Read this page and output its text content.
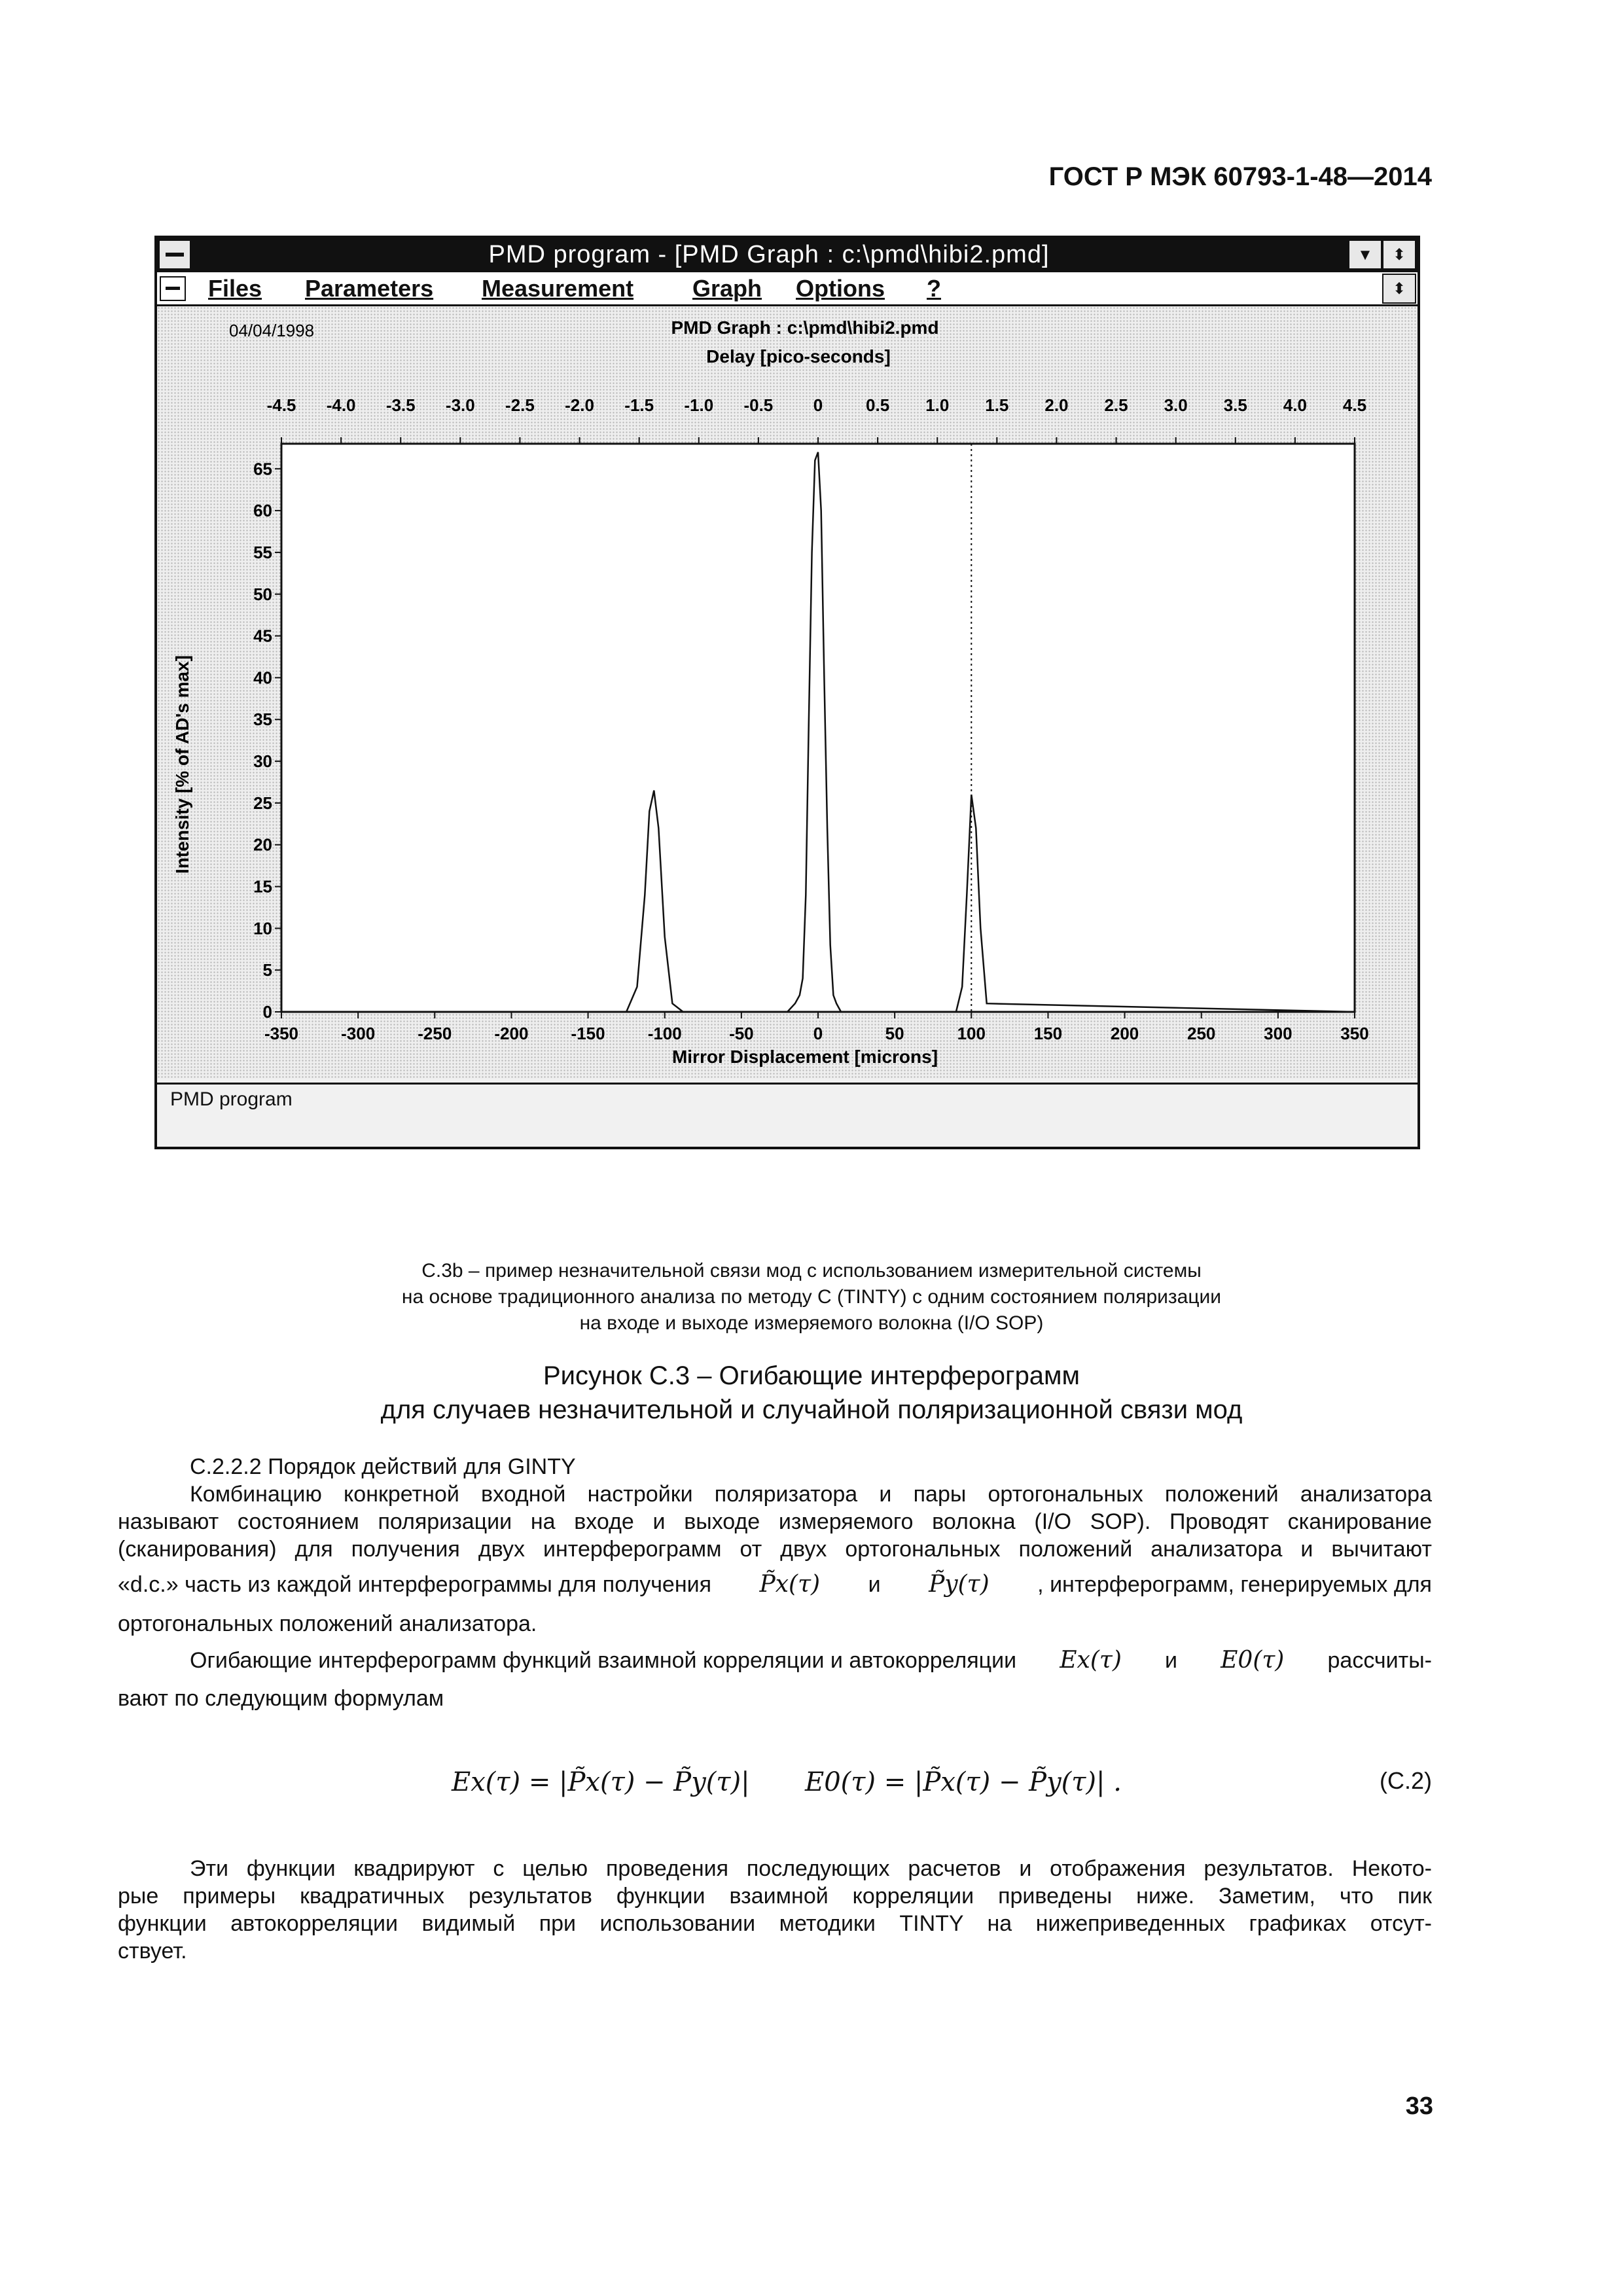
ГОСТ Р МЭК 60793-1-48—2014
PMD program - [PMD Graph : c:\pmd\hibi2.pmd]	▼	⬍
Files Parameters Measurement Graph Options ?	⬍
04/04/1998	PMD Graph : c:\pmd\hibi2.pmd
Delay [pico-seconds]
Mirror Displacement [microns]
Intensity [% of AD's max]
-4.5 -4.0 -3.5 -3.0 -2.5 -2.0 -1.5 -1.0 -0.5 0	0.5 1.0 1.5 2.0 2.5 3.0 3.5 4.0 4.5
-350	-300	-250	-200	-150	-100	-50	0	50	100	150	200	250	300	350
0
5
10
15
20
25
30
35
40
45
50
55
60
65
PMD program
С.3b – пример незначительной связи мод с использованием измерительной системы
на основе традиционного анализа по методу С (TINTY) с одним состоянием поляризации
на входе и выходе измеряемого волокна (I/O SOP)
Рисунок С.3 – Огибающие интерферограмм
для случаев незначительной и случайной поляризационной связи мод
С.2.2.2 Порядок действий для GINTY
Комбинацию конкретной входной настройки поляризатора и пары ортогональных положений анализатора
называют состоянием поляризации на входе и выходе измеряемого волокна (I/O SOP). Проводят сканирование
(сканирования) для получения двух интерферограмм от двух ортогональных положений анализатора и вычитают
«d.c.» часть из каждой интерферограммы для получения P̃x(τ) и P̃y(τ) , интерферограмм, генерируемых для
ортогональных положений анализатора.
Огибающие интерферограмм функций взаимной корреляции и автокорреляции Ex(τ) и E0(τ) рассчиты-
вают по следующим формулам
Ex(τ) = |P̃x(τ) − P̃y(τ)| E0(τ) = |P̃x(τ) − P̃y(τ)| .	(С.2)
Эти функции квадрируют с целью проведения последующих расчетов и отображения результатов. Некото-
рые примеры квадратичных результатов функции взаимной корреляции приведены ниже. Заметим, что пик
функции автокорреляции видимый при использовании методики TINTY на нижеприведенных графиках отсут-
ствует.
33
